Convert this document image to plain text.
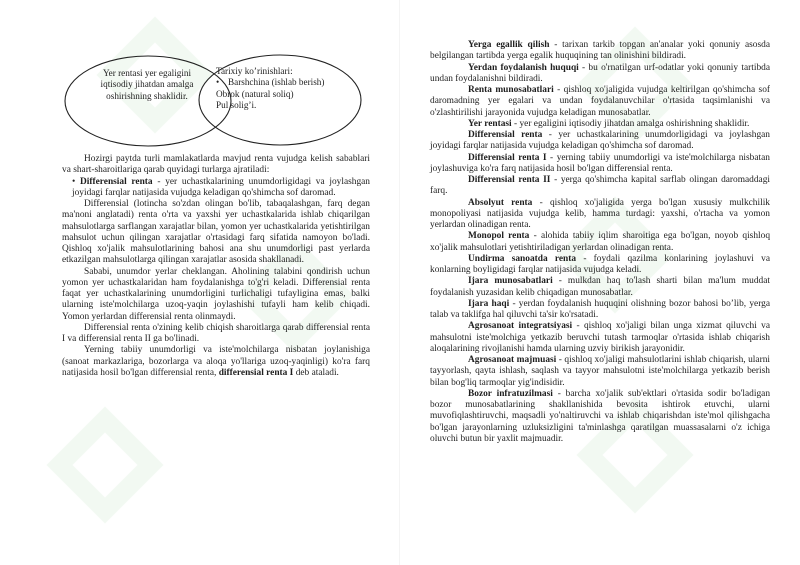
Yer rentasi yer egaligini iqtisodiy jihatdan amalga oshirishning shaklidir.
Tarixiy ko’rinishlari:
• Barshchina (ishlab berish)
Obrok (natural soliq)
Pul solig’i.

Hozirgi paytda turli mamlakatlarda mavjud renta vujudga kelish sabablari va shart-sharoitlariga qarab quyidagi turlarga ajratiladi:

• Differensial renta - yer uchastkalarining unumdorligidagi va joylashgan joyidagi farqlar natijasida vujudga keladigan qo'shimcha sof daromad.

Differensial (lotincha so'zdan olingan bo'lib, tabaqalashgan, farq degan ma'noni anglatadi) renta o'rta va yaxshi yer uchastkalarida ishlab chiqarilgan mahsulotlarga sarflangan xarajatlar bilan, yomon yer uchastkalarida yetishtirilgan mahsulot uchun qilingan xarajatlar o'rtasidagi farq sifatida namoyon bo'ladi. Qishloq xo'jalik mahsulotlarining bahosi ana shu unumdorligi past yerlarda etkazilgan mahsulotlarga qilingan xarajatlar asosida shakllanadi.

Sababi, unumdor yerlar cheklangan. Aholining talabini qondirish uchun yomon yer uchastkalaridan ham foydalanishga to'g'ri keladi. Differensial renta faqat yer uchastkalarining unumdorligini turlichaligi tufayligina emas, balki ularning iste'molchilarga uzoq-yaqin joylashishi tufayli ham kelib chiqadi. Yomon yerlardan differensial renta olinmaydi.

Differensial renta o'zining kelib chiqish sharoitlarga qarab differensial renta I va differensial renta II ga bo'linadi.

Yerning tabiiy unumdorligi va iste'molchilarga nisbatan joylanishiga (sanoat markazlariga, bozorlarga va aloqa yo'llariga uzoq-yaqinligi) ko'ra farq natijasida hosil bo'lgan differensial renta, differensial renta I deb ataladi.

Yerga egallik qilish - tarixan tarkib topgan an'analar yoki qonuniy asosda belgilangan tartibda yerga egalik huquqining tan olinishini bildiradi.

Yerdan foydalanish huquqi - bu o'rnatilgan urf-odatlar yoki qonuniy tartibda undan foydalanishni bildiradi.

Renta munosabatlari - qishloq xo'jaligida vujudga keltirilgan qo'shimcha sof daromadning yer egalari va undan foydalanuvchilar o'rtasida taqsimlanishi va o'zlashtirilishi jarayonida vujudga keladigan munosabatlar.

Yer rentasi - yer egaligini iqtisodiy jihatdan amalga oshirishning shaklidir.

Differensial renta - yer uchastkalarining unumdorligidagi va joylashgan joyidagi farqlar natijasida vujudga keladigan qo'shimcha sof daromad.

Differensial renta I - yerning tabiiy unumdorligi va iste'molchilarga nisbatan joylashuviga ko'ra farq natijasida hosil bo'lgan differensial renta.

Differensial renta II - yerga qo'shimcha kapital sarflab olingan daromaddagi farq.

Absolyut renta - qishloq xo'jaligida yerga bo'lgan xususiy mulkchilik monopoliyasi natijasida vujudga kelib, hamma turdagi: yaxshi, o'rtacha va yomon yerlardan olinadigan renta.

Monopol renta - alohida tabiiy iqlim sharoitiga ega bo'lgan, noyob qishloq xo'jalik mahsulotlari yetishtiriladigan yerlardan olinadigan renta.

Undirma sanoatda renta - foydali qazilma konlarining joylashuvi va konlarning boyligidagi farqlar natijasida vujudga keladi.

Ijara munosabatlari - mulkdan haq to'lash sharti bilan ma'lum muddat foydalanish yuzasidan kelib chiqadigan munosabatlar.

Ijara haqi - yerdan foydalanish huquqini olishning bozor bahosi bo’lib, yerga talab va taklifga hal qiluvchi ta'sir ko'rsatadi.

Agrosanoat integratsiyasi - qishloq xo'jaligi bilan unga xizmat qiluvchi va mahsulotni iste'molchiga yetkazib beruvchi tutash tarmoqlar o'rtasida ishlab chiqarish aloqalarining rivojlanishi hamda ularning uzviy birikish jarayonidir.

Agrosanoat majmuasi - qishloq xo'jaligi mahsulotlarini ishlab chiqarish, ularni tayyorlash, qayta ishlash, saqlash va tayyor mahsulotni iste'molchilarga yetkazib berish bilan bog'liq tarmoqlar yig'indisidir.

Bozor infratuzilmasi - barcha xo'jalik sub'ektlari o'rtasida sodir bo'ladigan bozor munosabatlarining shakllanishida bevosita ishtirok etuvchi, ularni muvofiqlashtiruvchi, maqsadli yo'naltiruvchi va ishlab chiqarishdan iste'mol qilishgacha bo'lgan jarayonlarning uzluksizligini ta'minlashga qaratilgan muassasalarni o'z ichiga oluvchi butun bir yaxlit majmuadir.
